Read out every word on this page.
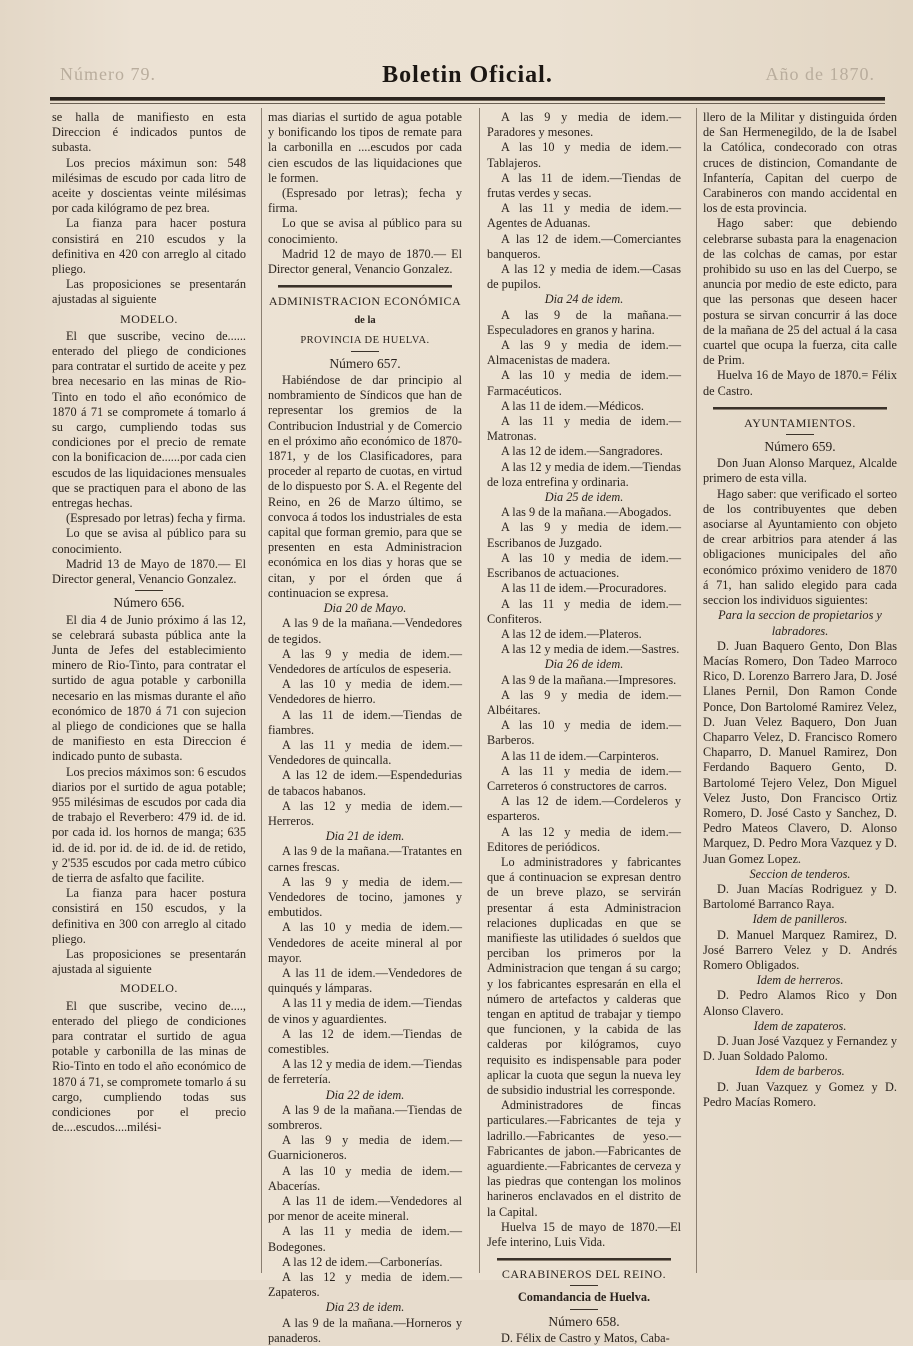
Número 79.	Boletin Oficial.	Año de 1870.

se halla de manifiesto en esta Direccion é indicados puntos de subasta.

Los precios máximun son: 548 milésimas de escudo por cada litro de aceite y doscientas veinte milésimas por cada kilógramo de pez brea.

La fianza para hacer postura consistirá en 210 escudos y la definitiva en 420 con arreglo al citado pliego.

Las proposiciones se presentarán ajustadas al siguiente

MODELO.

El que suscribe, vecino de...... enterado del pliego de condiciones para contratar el surtido de aceite y pez brea necesario en las minas de Rio-Tinto en todo el año económico de 1870 á 71 se compromete á tomarlo á su cargo, cumpliendo todas sus condiciones por el precio de remate con la bonificacion de......por cada cien escudos de las liquidaciones mensuales que se practiquen para el abono de las entregas hechas.

(Espresado por letras) fecha y firma.

Lo que se avisa al público para su conocimiento.

Madrid 13 de Mayo de 1870.— El Director general, Venancio Gonzalez.

Número 656.

El dia 4 de Junio próximo á las 12, se celebrará subasta pública ante la Junta de Jefes del establecimiento minero de Rio-Tinto, para contratar el surtido de agua potable y carbonilla necesario en las mismas durante el año económico de 1870 á 71 con sujecion al pliego de condiciones que se halla de manifiesto en esta Direccion é indicado punto de subasta.

Los precios máximos son: 6 escudos diarios por el surtido de agua potable; 955 milésimas de escudos por cada dia de trabajo el Reverbero: 479 id. de id. por cada id. los hornos de manga; 635 id. de id. por id. de id. de id. de retido, y 2'535 escudos por cada metro cúbico de tierra de asfalto que facilite.

La fianza para hacer postura consistirá en 150 escudos, y la definitiva en 300 con arreglo al citado pliego.

Las proposiciones se presentarán ajustada al siguiente

MODELO.

El que suscribe, vecino de...., enterado del pliego de condiciones para contratar el surtido de agua potable y carbonilla de las minas de Rio-Tinto en todo el año económico de 1870 á 71, se compromete tomarlo á su cargo, cumpliendo todas sus condiciones por el precio de....escudos....milési-

mas diarias el surtido de agua potable y bonificando los tipos de remate para la carbonilla en ....escudos por cada cien escudos de las liquidaciones que le formen.

(Espresado por letras); fecha y firma.

Lo que se avisa al público para su conocimiento.

Madrid 12 de mayo de 1870.— El Director general, Venancio Gonzalez.

ADMINISTRACION ECONÓMICA

de la

PROVINCIA DE HUELVA.

Número 657.

Habiéndose de dar principio al nombramiento de Síndicos que han de representar los gremios de la Contribucion Industrial y de Comercio en el próximo año económico de 1870-1871, y de los Clasificadores, para proceder al reparto de cuotas, en virtud de lo dispuesto por S. A. el Regente del Reino, en 26 de Marzo último, se convoca á todos los industriales de esta capital que forman gremio, para que se presenten en esta Administracion económica en los dias y horas que se citan, y por el órden que á continuacion se expresa.

Dia 20 de Mayo.

A las 9 de la mañana.—Vendedores de tegidos.

A las 9 y media de idem.—Vendedores de artículos de espeseria.

A las 10 y media de idem.—Vendedores de hierro.

A las 11 de idem.—Tiendas de fiambres.

A las 11 y media de idem.—Vendedores de quincalla.

A las 12 de idem.—Espendedurias de tabacos habanos.

A las 12 y media de idem.—Herreros.

Dia 21 de idem.

A las 9 de la mañana.—Tratantes en carnes frescas.

A las 9 y media de idem.—Vendedores de tocino, jamones y embutidos.

A las 10 y media de idem.—Vendedores de aceite mineral al por mayor.

A las 11 de idem.—Vendedores de quinqués y lámparas.

A las 11 y media de idem.—Tiendas de vinos y aguardientes.

A las 12 de idem.—Tiendas de comestibles.

A las 12 y media de idem.—Tiendas de ferretería.

Dia 22 de idem.

A las 9 de la mañana.—Tiendas de sombreros.

A las 9 y media de idem.—Guarnicioneros.

A las 10 y media de idem.—Abacerías.

A las 11 de idem.—Vendedores al por menor de aceite mineral.

A las 11 y media de idem.—Bodegones.

A las 12 de idem.—Carbonerías.

A las 12 y media de idem.—Zapateros.

Dia 23 de idem.

A las 9 de la mañana.—Horneros y panaderos.

A las 9 y media de idem.—Paradores y mesones.

A las 10 y media de idem.—Tablajeros.

A las 11 de idem.—Tiendas de frutas verdes y secas.

A las 11 y media de idem.—Agentes de Aduanas.

A las 12 de idem.—Comerciantes banqueros.

A las 12 y media de idem.—Casas de pupilos.

Dia 24 de idem.

A las 9 de la mañana.—Especuladores en granos y harina.

A las 9 y media de idem.—Almacenistas de madera.

A las 10 y media de idem.—Farmacéuticos.

A las 11 de idem.—Médicos.

A las 11 y media de idem.—Matronas.

A las 12 de idem.—Sangradores.

A las 12 y media de idem.—Tiendas de loza entrefina y ordinaria.

Dia 25 de idem.

A las 9 de la mañana.—Abogados.

A las 9 y media de idem.—Escribanos de Juzgado.

A las 10 y media de idem.—Escribanos de actuaciones.

A las 11 de idem.—Procuradores.

A las 11 y media de idem.—Confiteros.

A las 12 de idem.—Plateros.

A las 12 y media de idem.—Sastres.

Dia 26 de idem.

A las 9 de la mañana.—Impresores.

A las 9 y media de idem.—Albéitares.

A las 10 y media de idem.—Barberos.

A las 11 de idem.—Carpinteros.

A las 11 y media de idem.—Carreteros ó constructores de carros.

A las 12 de idem.—Cordeleros y esparteros.

A las 12 y media de idem.—Editores de periódicos.

Lo administradores y fabricantes que á continuacion se expresan dentro de un breve plazo, se servirán presentar á esta Administracion relaciones duplicadas en que se manifieste las utilidades ó sueldos que perciban los primeros por la Administracion que tengan á su cargo; y los fabricantes espresarán en ella el número de artefactos y calderas que tengan en aptitud de trabajar y tiempo que funcionen, y la cabida de las calderas por kilógramos, cuyo requisito es indispensable para poder aplicar la cuota que segun la nueva ley de subsidio industrial les corresponde.

Administradores de fincas particulares.—Fabricantes de teja y ladrillo.—Fabricantes de yeso.—Fabricantes de jabon.—Fabricantes de aguardiente.—Fabricantes de cerveza y las piedras que contengan los molinos harineros enclavados en el distrito de la Capital.

Huelva 15 de mayo de 1870.—El Jefe interino, Luis Vida.

CARABINEROS DEL REINO.

Comandancia de Huelva.

Número 658.

D. Félix de Castro y Matos, Caba-

llero de la Militar y distinguida órden de San Hermenegildo, de la de Isabel la Católica, condecorado con otras cruces de distincion, Comandante de Infantería, Capitan del cuerpo de Carabineros con mando accidental en los de esta provincia.

Hago saber: que debiendo celebrarse subasta para la enagenacion de las colchas de camas, por estar prohibido su uso en las del Cuerpo, se anuncia por medio de este edicto, para que las personas que deseen hacer postura se sirvan concurrir á las doce de la mañana de 25 del actual á la casa cuartel que ocupa la fuerza, cita calle de Prim.

Huelva 16 de Mayo de 1870.= Félix de Castro.

AYUNTAMIENTOS.

Número 659.

Don Juan Alonso Marquez, Alcalde primero de esta villa.

Hago saber: que verificado el sorteo de los contribuyentes que deben asociarse al Ayuntamiento con objeto de crear arbitrios para atender á las obligaciones municipales del año económico próximo venidero de 1870 á 71, han salido elegido para cada seccion los individuos siguientes:

Para la seccion de propietarios y labradores.

D. Juan Baquero Gento, Don Blas Macías Romero, Don Tadeo Marroco Rico, D. Lorenzo Barrero Jara, D. José Llanes Pernil, Don Ramon Conde Ponce, Don Bartolomé Ramirez Velez, D. Juan Velez Baquero, Don Juan Chaparro Velez, D. Francisco Romero Chaparro, D. Manuel Ramirez, Don Ferdando Baquero Gento, D. Bartolomé Tejero Velez, Don Miguel Velez Justo, Don Francisco Ortiz Romero, D. José Casto y Sanchez, D. Pedro Mateos Clavero, D. Alonso Marquez, D. Pedro Mora Vazquez y D. Juan Gomez Lopez.

Seccion de tenderos.

D. Juan Macías Rodriguez y D. Bartolomé Barranco Raya.

Idem de panilleros.

D. Manuel Marquez Ramirez, D. José Barrero Velez y D. Andrés Romero Obligados.

Idem de herreros.

D. Pedro Alamos Rico y Don Alonso Clavero.

Idem de zapateros.

D. Juan José Vazquez y Fernandez y D. Juan Soldado Palomo.

Idem de barberos.

D. Juan Vazquez y Gomez y D. Pedro Macías Romero.
